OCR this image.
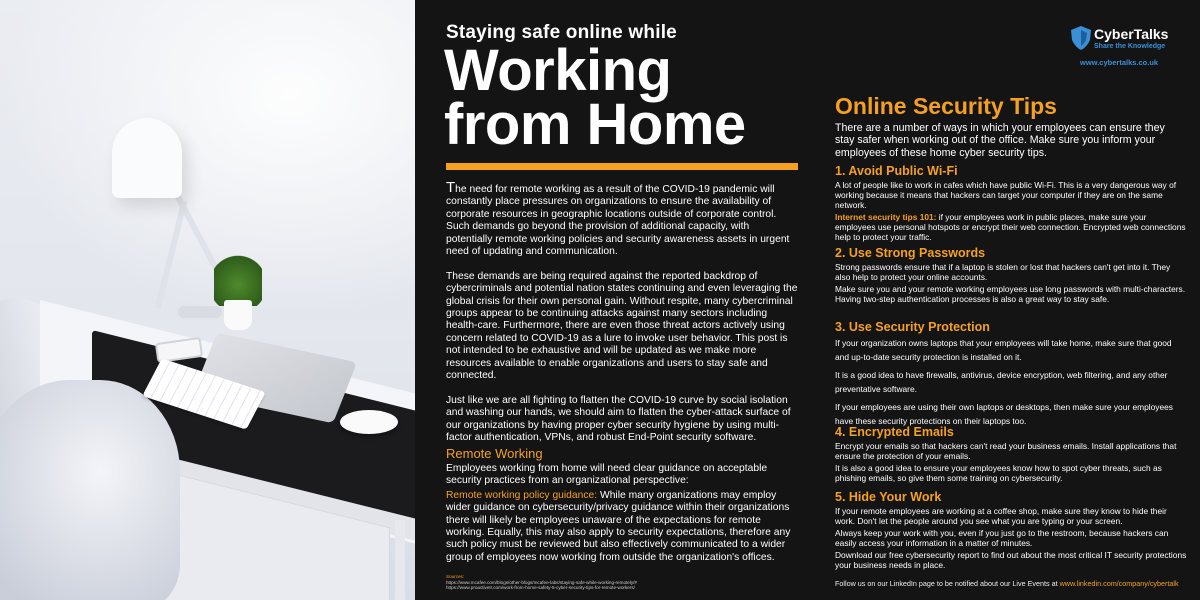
Staying safe online while
Working
from Home

The need for remote working as a result of the COVID-19 pandemic will constantly place pressures on organizations to ensure the availability of corporate resources in geographic locations outside of corporate control. Such demands go beyond the provision of additional capacity, with potentially remote working policies and security awareness assets in urgent need of updating and communication.

These demands are being required against the reported backdrop of cybercriminals and potential nation states continuing and even leveraging the global crisis for their own personal gain. Without respite, many cybercriminal groups appear to be continuing attacks against many sectors including health-care. Furthermore, there are even those threat actors actively using concern related to COVID-19 as a lure to invoke user behavior. This post is not intended to be exhaustive and will be updated as we make more resources available to enable organizations and users to stay safe and connected.

Just like we are all fighting to flatten the COVID-19 curve by social isolation and washing our hands, we should aim to flatten the cyber-attack surface of our organizations by having proper cyber security hygiene by using multi-factor authentication, VPNs, and robust End-Point security software.

Remote Working

Employees working from home will need clear guidance on acceptable security practices from an organizational perspective:

Remote working policy guidance: While many organizations may employ wider guidance on cybersecurity/privacy guidance within their organizations there will likely be employees unaware of the expectations for remote working. Equally, this may also apply to security expectations, therefore any such policy must be reviewed but also effectively communicated to a wider group of employees now working from outside the organization's offices.

Sources:
https://www.mcafee.com/blogs/other-blogs/mcafee-labs/staying-safe-while-working-remotely/#
https://www.proactivetr.com/work-from-home-safety-5-cyber-security-tips-for-remote-workers/
CyberTalks
Share the Knowledge
www.cybertalks.co.uk
Online Security Tips
There are a number of ways in which your employees can ensure they stay safer when working out of the office. Make sure you inform your employees of these home cyber security tips.
1. Avoid Public Wi-Fi

A lot of people like to work in cafes which have public Wi-Fi. This is a very dangerous way of working because it means that hackers can target your computer if they are on the same network.

Internet security tips 101: if your employees work in public places, make sure your employees use personal hotspots or encrypt their web connection. Encrypted web connections help to protect your traffic.

2. Use Strong Passwords

Strong passwords ensure that if a laptop is stolen or lost that hackers can't get into it. They also help to protect your online accounts.

Make sure you and your remote working employees use long passwords with multi-characters. Having two-step authentication processes is also a great way to stay safe.

3. Use Security Protection

If your organization owns laptops that your employees will take home, make sure that good and up-to-date security protection is installed on it.

It is a good idea to have firewalls, antivirus, device encryption, web filtering, and any other preventative software.

If your employees are using their own laptops or desktops, then make sure your employees have these security protections on their laptops too.

4. Encrypted Emails

Encrypt your emails so that hackers can't read your business emails. Install applications that ensure the protection of your emails.

It is also a good idea to ensure your employees know how to spot cyber threats, such as phishing emails, so give them some training on cybersecurity.

5. Hide Your Work

If your remote employees are working at a coffee shop, make sure they know to hide their work. Don't let the people around you see what you are typing or your screen.

Always keep your work with you, even if you just go to the restroom, because hackers can easily access your information in a matter of minutes.

Download our free cybersecurity report to find out about the most critical IT security protections your business needs in place.

Follow us on our LinkedIn page to be notified about our Live Events at www.linkedin.com/company/cybertalk
